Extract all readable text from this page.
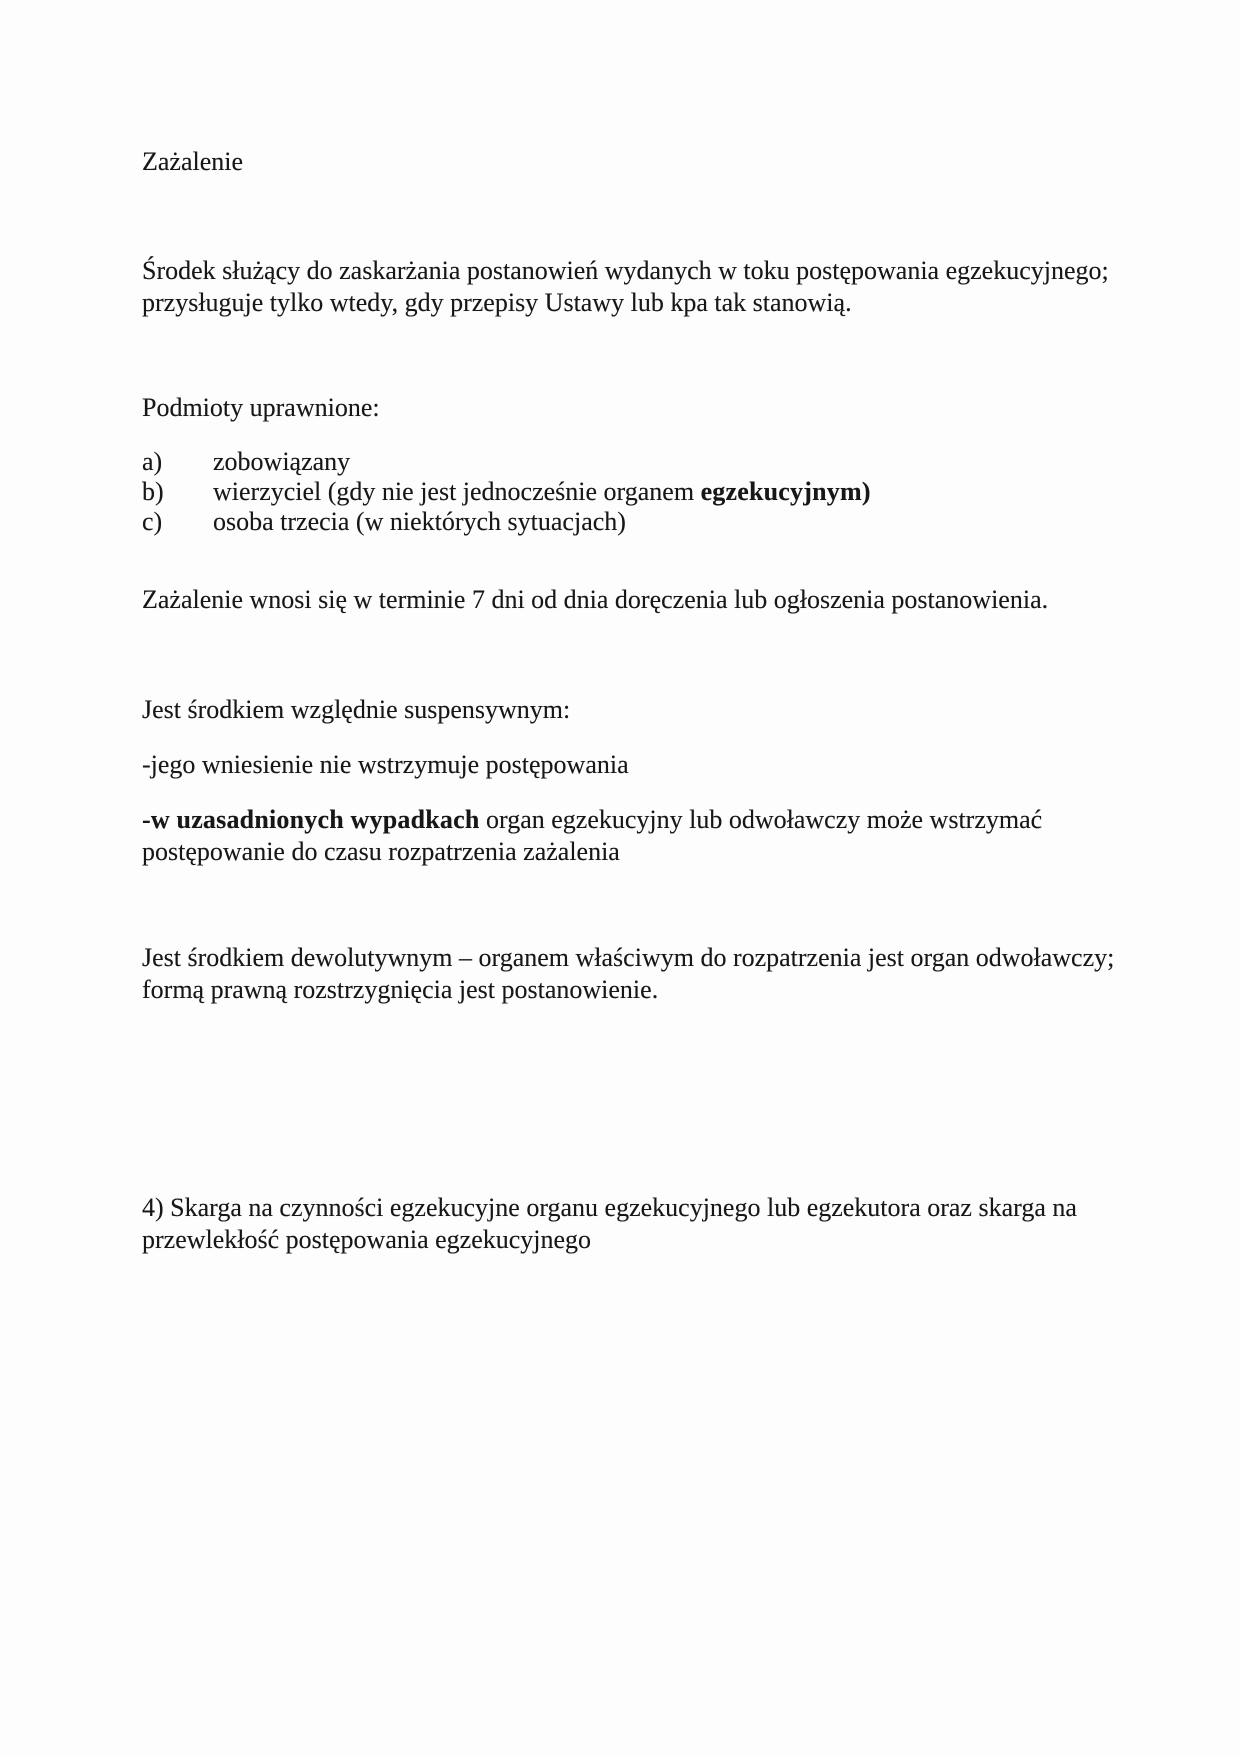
Zażalenie

Środek służący do zaskarżania postanowień wydanych w toku postępowania egzekucyjnego;
przysługuje tylko wtedy, gdy przepisy Ustawy lub kpa tak stanowią.

Podmioty uprawnione:

a)	zobowiązany
b)	wierzyciel (gdy nie jest jednocześnie organem egzekucyjnym)
c)	osoba trzecia (w niektórych sytuacjach)

Zażalenie wnosi się w terminie 7 dni od dnia doręczenia lub ogłoszenia postanowienia.

Jest środkiem względnie suspensywnym:

-jego wniesienie nie wstrzymuje postępowania

-w uzasadnionych wypadkach organ egzekucyjny lub odwoławczy może wstrzymać
postępowanie do czasu rozpatrzenia zażalenia
Jest środkiem dewolutywnym – organem właściwym do rozpatrzenia jest organ odwoławczy;
formą prawną rozstrzygnięcia jest postanowienie.
4) Skarga na czynności egzekucyjne organu egzekucyjnego lub egzekutora oraz skarga na
przewlekłość postępowania egzekucyjnego
